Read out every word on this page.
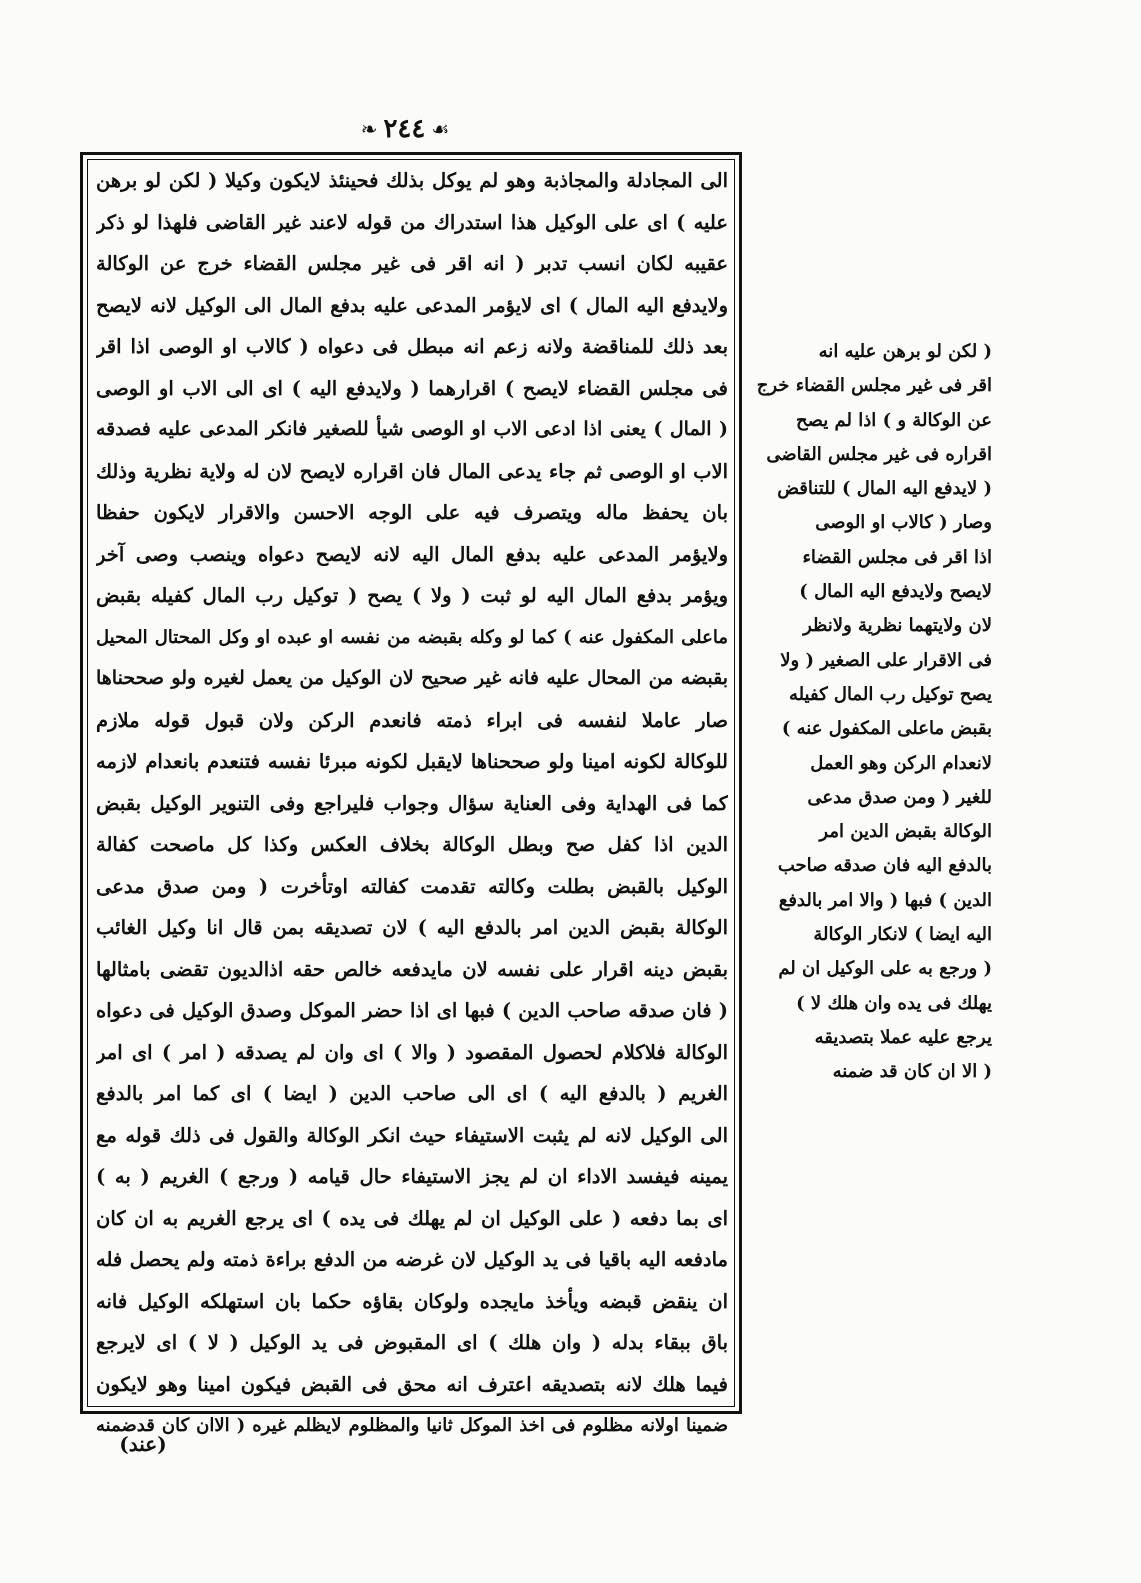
❧ ٢٤٤ ☙
الى المجادلة والمجاذبة وهو لم يوكل بذلك فحينئذ لايكون وكيلا ( لكن لو برهن
عليه ) اى على الوكيل هذا استدراك من قوله لاعند غير القاضى فلهذا لو ذكر
عقيبه لكان انسب تدبر ( انه اقر فى غير مجلس القضاء خرج عن الوكالة
ولايدفع اليه المال ) اى لايؤمر المدعى عليه بدفع المال الى الوكيل لانه لايصح
بعد ذلك للمناقضة ولانه زعم انه مبطل فى دعواه ( كالاب او الوصى اذا اقر
فى مجلس القضاء لايصح ) اقرارهما ( ولايدفع اليه ) اى الى الاب او الوصى
( المال ) يعنى اذا ادعى الاب او الوصى شيأ للصغير فانكر المدعى عليه فصدقه
الاب او الوصى ثم جاء يدعى المال فان اقراره لايصح لان له ولاية نظرية وذلك
بان يحفظ ماله ويتصرف فيه على الوجه الاحسن والاقرار لايكون حفظا
ولايؤمر المدعى عليه بدفع المال اليه لانه لايصح دعواه وينصب وصى آخر
ويؤمر بدفع المال اليه لو ثبت ( ولا ) يصح ( توكيل رب المال كفيله بقبض
ماعلى المكفول عنه ) كما لو وكله بقبضه من نفسه او عبده او وكل المحتال المحيل
بقبضه من المحال عليه فانه غير صحيح لان الوكيل من يعمل لغيره ولو صححناها
صار عاملا لنفسه فى ابراء ذمته فانعدم الركن ولان قبول قوله ملازم
للوكالة لكونه امينا ولو صححناها لايقبل لكونه مبرئا نفسه فتنعدم بانعدام لازمه
كما فى الهداية وفى العناية سؤال وجواب فليراجع وفى التنوير الوكيل بقبض
الدين اذا كفل صح وبطل الوكالة بخلاف العكس وكذا كل ماصحت كفالة
الوكيل بالقبض بطلت وكالته تقدمت كفالته اوتأخرت ( ومن صدق مدعى
الوكالة بقبض الدين امر بالدفع اليه ) لان تصديقه بمن قال انا وكيل الغائب
بقبض دينه اقرار على نفسه لان مايدفعه خالص حقه اذالديون تقضى بامثالها
( فان صدقه صاحب الدين ) فبها اى اذا حضر الموكل وصدق الوكيل فى دعواه
الوكالة فلاكلام لحصول المقصود ( والا ) اى وان لم يصدقه ( امر ) اى امر
الغريم ( بالدفع اليه ) اى الى صاحب الدين ( ايضا ) اى كما امر بالدفع
الى الوكيل لانه لم يثبت الاستيفاء حيث انكر الوكالة والقول فى ذلك قوله مع
يمينه فيفسد الاداء ان لم يجز الاستيفاء حال قيامه ( ورجع ) الغريم ( به )
اى بما دفعه ( على الوكيل ان لم يهلك فى يده ) اى يرجع الغريم به ان كان
مادفعه اليه باقيا فى يد الوكيل لان غرضه من الدفع براءة ذمته ولم يحصل فله
ان ينقض قبضه ويأخذ مايجده ولوكان بقاؤه حكما بان استهلكه الوكيل فانه
باق ببقاء بدله ( وان هلك ) اى المقبوض فى يد الوكيل ( لا ) اى لايرجع
فيما هلك لانه بتصديقه اعترف انه محق فى القبض فيكون امينا وهو لايكون
ضمينا اولانه مظلوم فى اخذ الموكل ثانيا والمظلوم لايظلم غيره ( الاان كان قدضمنه
( لكن لو برهن عليه انه
اقر فى غير مجلس القضاء خرج
عن الوكالة و ) اذا لم يصح
اقراره فى غير مجلس القاضى
( لايدفع اليه المال ) للتناقض
وصار ( كالاب او الوصى
اذا اقر فى مجلس القضاء
لايصح ولايدفع اليه المال )
لان ولايتهما نظرية ولانظر
فى الاقرار على الصغير ( ولا
يصح توكيل رب المال كفيله
بقبض ماعلى المكفول عنه )
لانعدام الركن وهو العمل
للغير ( ومن صدق مدعى
الوكالة بقبض الدين امر
بالدفع اليه فان صدقه صاحب
الدين ) فبها ( والا امر بالدفع
اليه ايضا ) لانكار الوكالة
( ورجع به على الوكيل ان لم
يهلك فى يده وان هلك لا )
يرجع عليه عملا بتصديقه
( الا ان كان قد ضمنه
(عند)
